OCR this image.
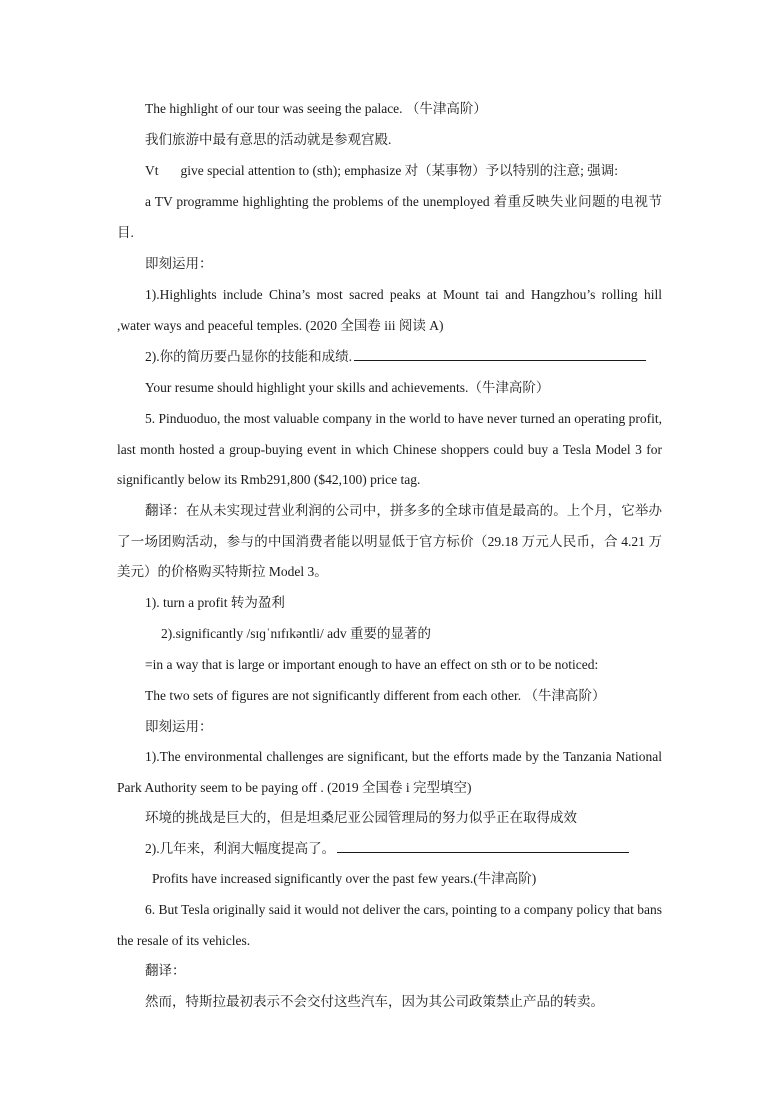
The highlight of our tour was seeing the palace. （牛津高阶）
我们旅游中最有意思的活动就是参观宫殿.
Vt give special attention to (sth); emphasize 对（某事物）予以特别的注意; 强调:
a TV programme highlighting the problems of the unemployed 着重反映失业问题的电视节目.
即刻运用：
1).Highlights include China’s most sacred peaks at Mount tai and Hangzhou’s rolling hill ,water ways and peaceful temples. (2020 全国卷 iii 阅读 A)
2).你的简历要凸显你的技能和成绩.
Your resume should highlight your skills and achievements.（牛津高阶）
5. Pinduoduo, the most valuable company in the world to have never turned an operating profit, last month hosted a group-buying event in which Chinese shoppers could buy a Tesla Model 3 for significantly below its Rmb291,800 ($42,100) price tag.
翻译：在从未实现过营业利润的公司中，拼多多的全球市值是最高的。上个月，它举办了一场团购活动，参与的中国消费者能以明显低于官方标价（29.18 万元人民币，合 4.21 万美元）的价格购买特斯拉 Model 3。
1). turn a profit 转为盈利
2).significantly /sɪɡˈnɪfɪkəntli/ adv 重要的显著的
=in a way that is large or important enough to have an effect on sth or to be noticed:
The two sets of figures are not significantly different from each other. （牛津高阶）
即刻运用：
1).The environmental challenges are significant, but the efforts made by the Tanzania National Park Authority seem to be paying off . (2019 全国卷 i 完型填空)
环境的挑战是巨大的，但是坦桑尼亚公园管理局的努力似乎正在取得成效
2).几年来，利润大幅度提高了。
Profits have increased significantly over the past few years.(牛津高阶)
6. But Tesla originally said it would not deliver the cars, pointing to a company policy that bans the resale of its vehicles.
翻译：
然而，特斯拉最初表示不会交付这些汽车，因为其公司政策禁止产品的转卖。
